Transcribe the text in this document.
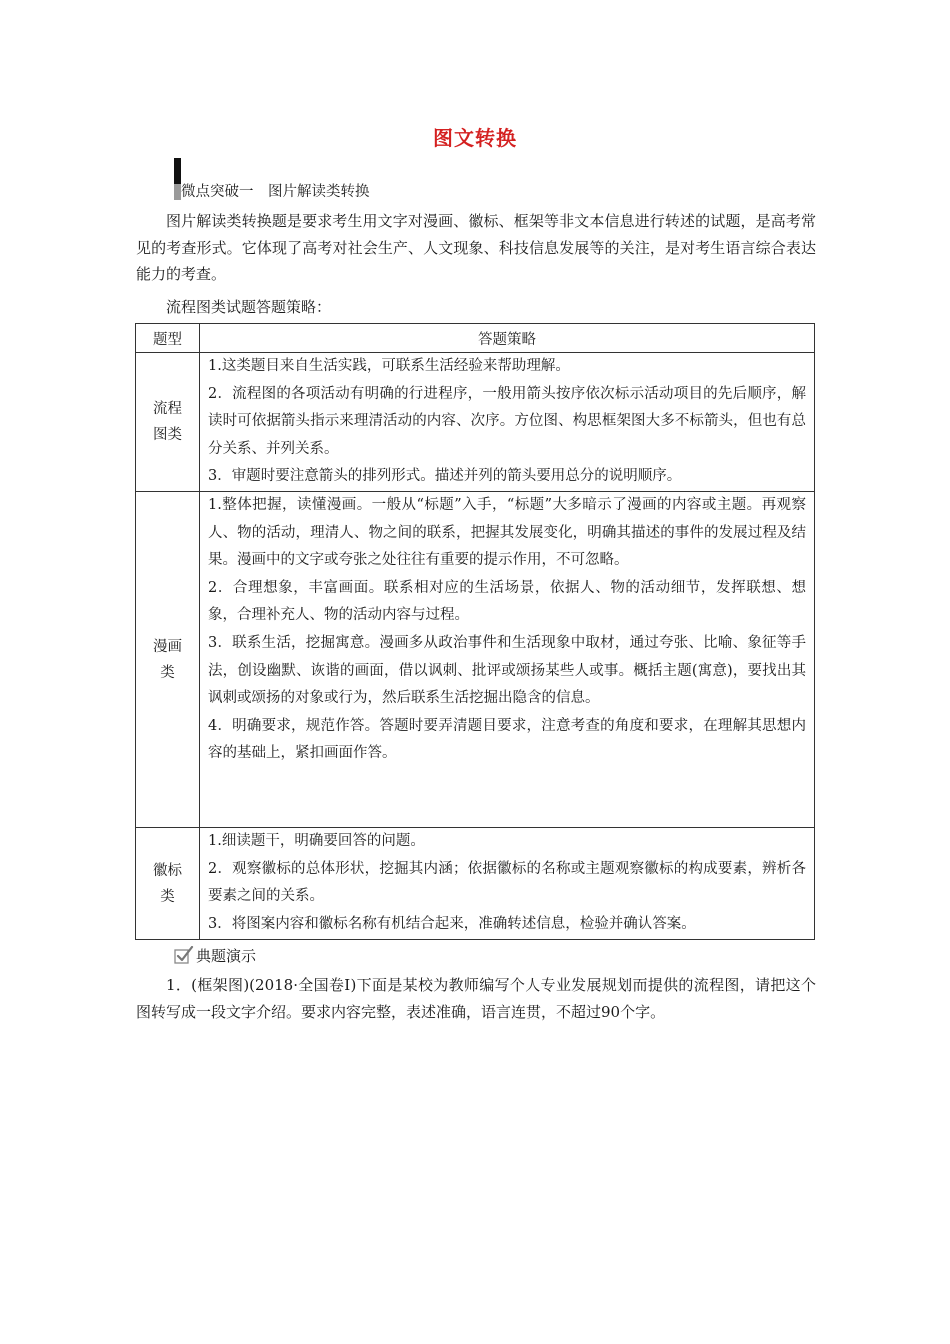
图文转换
微点突破一　图片解读类转换
图片解读类转换题是要求考生用文字对漫画、徽标、框架等非文本信息进行转述的试题，是高考常见的考查形式。它体现了高考对社会生产、人文现象、科技信息发展等的关注，是对考生语言综合表达能力的考查。
流程图类试题答题策略：
题型	答题策略
流程
图类	1.这类题目来自生活实践，可联系生活经验来帮助理解。
2．流程图的各项活动有明确的行进程序，一般用箭头按序依次标示活动项目的先后顺序，解读时可依据箭头指示来理清活动的内容、次序。方位图、构思框架图大多不标箭头，但也有总分关系、并列关系。
3．审题时要注意箭头的排列形式。描述并列的箭头要用总分的说明顺序。

漫画
类	1.整体把握，读懂漫画。一般从“标题”入手，“标题”大多暗示了漫画的内容或主题。再观察人、物的活动，理清人、物之间的联系，把握其发展变化，明确其描述的事件的发展过程及结果。漫画中的文字或夸张之处往往有重要的提示作用，不可忽略。
2．合理想象，丰富画面。联系相对应的生活场景，依据人、物的活动细节，发挥联想、想象，合理补充人、物的活动内容与过程。
3．联系生活，挖掘寓意。漫画多从政治事件和生活现象中取材，通过夸张、比喻、象征等手法，创设幽默、诙谐的画面，借以讽刺、批评或颂扬某些人或事。概括主题(寓意)，要找出其讽刺或颂扬的对象或行为，然后联系生活挖掘出隐含的信息。
4．明确要求，规范作答。答题时要弄清题目要求，注意考查的角度和要求，在理解其思想内容的基础上，紧扣画面作答。

徽标
类	1.细读题干，明确要回答的问题。
2．观察徽标的总体形状，挖掘其内涵；依据徽标的名称或主题观察徽标的构成要素，辨析各要素之间的关系。
3．将图案内容和徽标名称有机结合起来，准确转述信息，检验并确认答案。
典题演示
1．(框架图)(2018·全国卷Ⅰ)下面是某校为教师编写个人专业发展规划而提供的流程图，请把这个图转写成一段文字介绍。要求内容完整，表述准确，语言连贯，不超过90个字。
